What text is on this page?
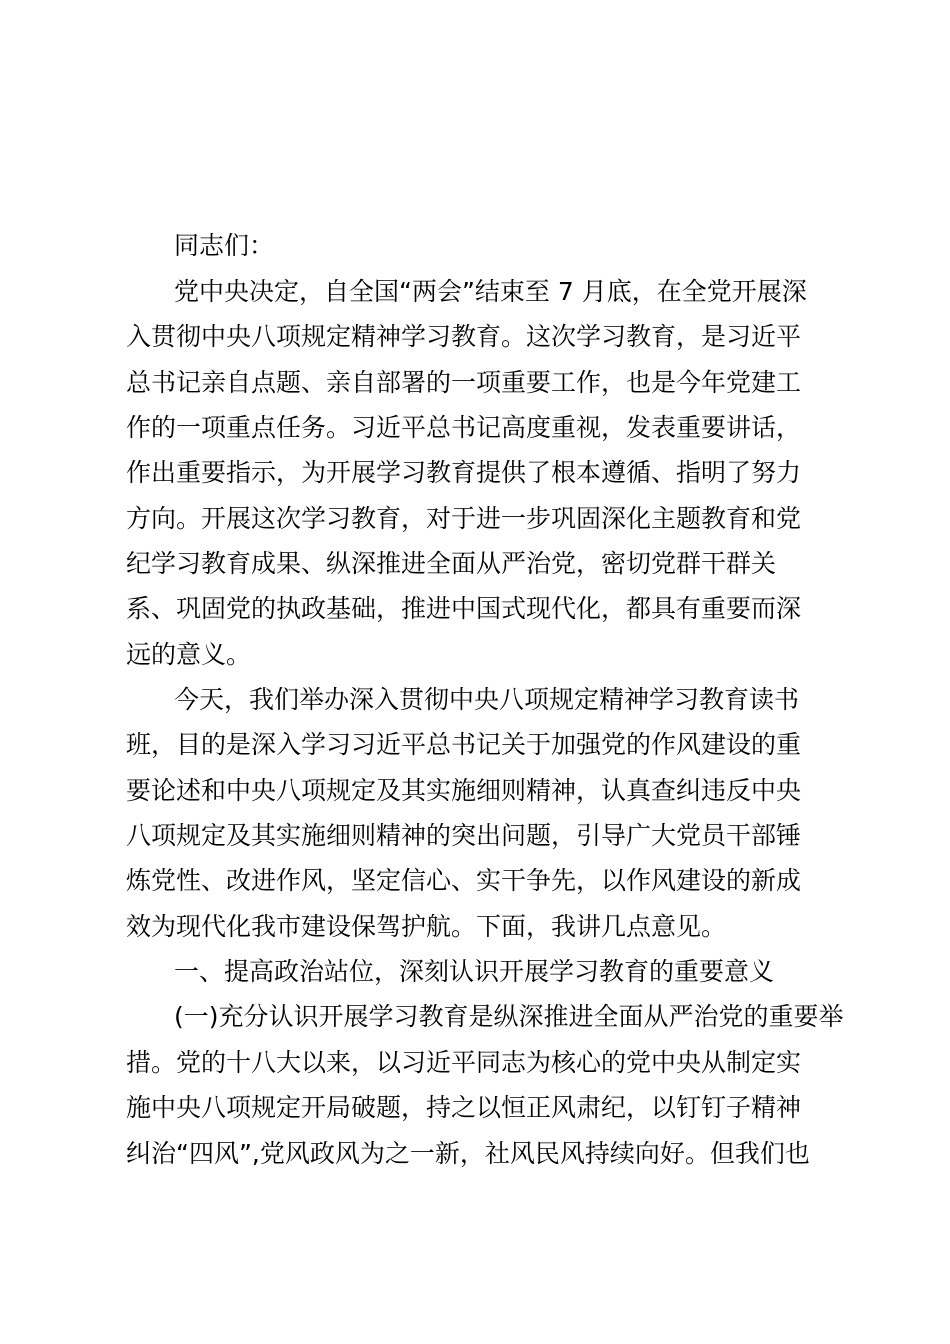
同志们：
党中央决定，自全国“两会”结束至 7 月底，在全党开展深
入贯彻中央八项规定精神学习教育。这次学习教育，是习近平
总书记亲自点题、亲自部署的一项重要工作，也是今年党建工
作的一项重点任务。习近平总书记高度重视，发表重要讲话，
作出重要指示，为开展学习教育提供了根本遵循、指明了努力
方向。开展这次学习教育，对于进一步巩固深化主题教育和党
纪学习教育成果、纵深推进全面从严治党，密切党群干群关
系、巩固党的执政基础，推进中国式现代化，都具有重要而深
远的意义。
今天，我们举办深入贯彻中央八项规定精神学习教育读书
班，目的是深入学习习近平总书记关于加强党的作风建设的重
要论述和中央八项规定及其实施细则精神，认真查纠违反中央
八项规定及其实施细则精神的突出问题，引导广大党员干部锤
炼党性、改进作风，坚定信心、实干争先，以作风建设的新成
效为现代化我市建设保驾护航。下面，我讲几点意见。
一、提高政治站位，深刻认识开展学习教育的重要意义
(一)充分认识开展学习教育是纵深推进全面从严治党的重要举
措。党的十八大以来，以习近平同志为核心的党中央从制定实
施中央八项规定开局破题，持之以恒正风肃纪，以钉钉子精神
纠治“四风”,党风政风为之一新，社风民风持续向好。但我们也
